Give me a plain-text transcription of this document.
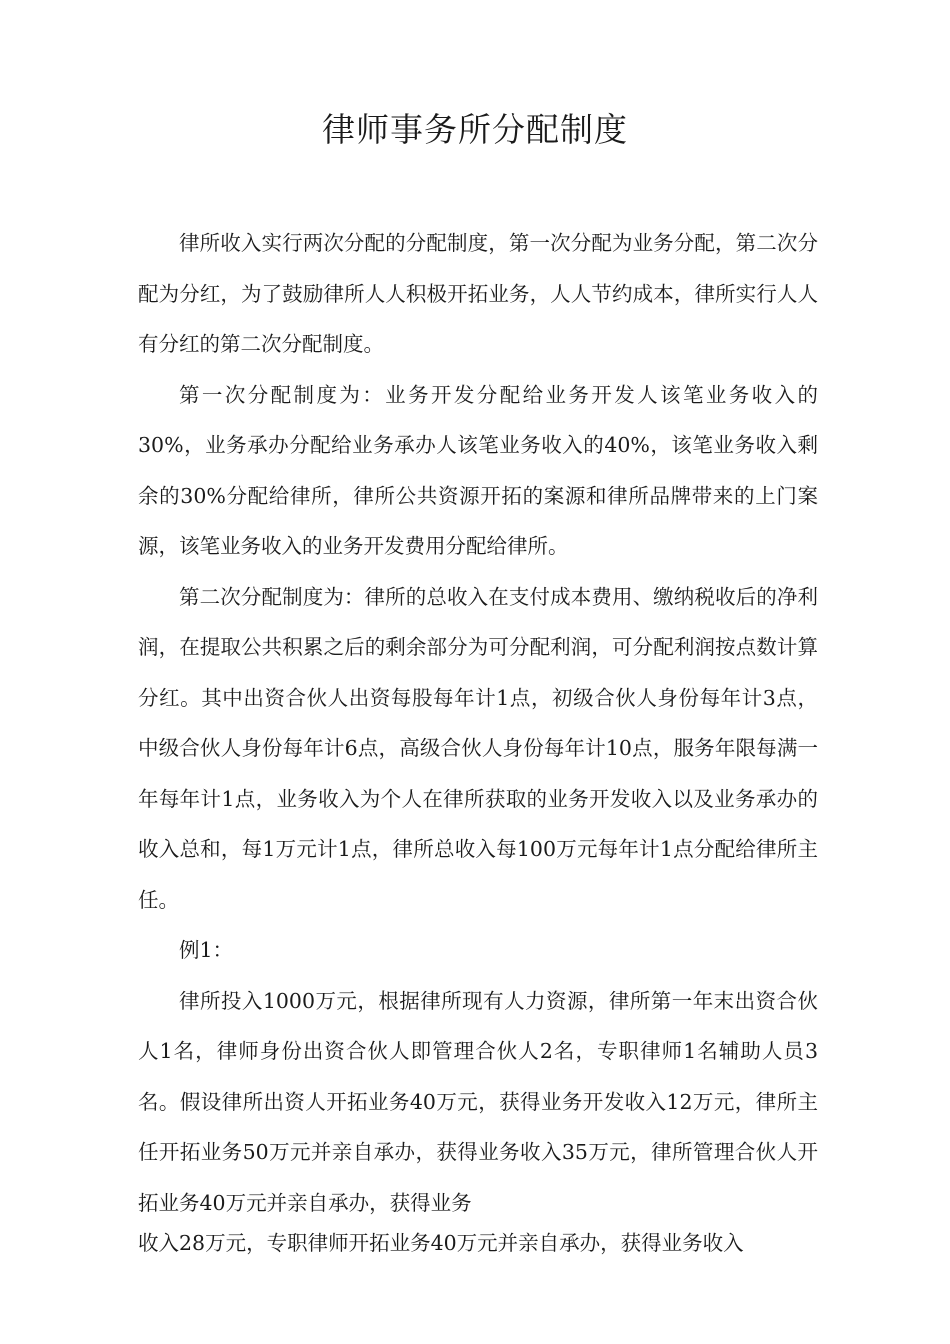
律师事务所分配制度

律所收入实行两次分配的分配制度，第一次分配为业务分配，第二次分配为分红，为了鼓励律所人人积极开拓业务，人人节约成本，律所实行人人有分红的第二次分配制度。

第一次分配制度为：业务开发分配给业务开发人该笔业务收入的30%，业务承办分配给业务承办人该笔业务收入的40%，该笔业务收入剩余的30%分配给律所，律所公共资源开拓的案源和律所品牌带来的上门案源，该笔业务收入的业务开发费用分配给律所。

第二次分配制度为：律所的总收入在支付成本费用、缴纳税收后的净利润，在提取公共积累之后的剩余部分为可分配利润，可分配利润按点数计算分红。其中出资合伙人出资每股每年计1点，初级合伙人身份每年计3点，中级合伙人身份每年计6点，高级合伙人身份每年计10点，服务年限每满一年每年计1点，业务收入为个人在律所获取的业务开发收入以及业务承办的收入总和，每1万元计1点，律所总收入每100万元每年计1点分配给律所主任。

例1：

律所投入1000万元，根据律所现有人力资源，律所第一年末出资合伙人1名，律师身份出资合伙人即管理合伙人2名，专职律师1名辅助人员3名。假设律所出资人开拓业务40万元，获得业务开发收入12万元，律所主任开拓业务50万元并亲自承办，获得业务收入35万元，律所管理合伙人开拓业务40万元并亲自承办，获得业务

收入28万元，专职律师开拓业务40万元并亲自承办，获得业务收入
